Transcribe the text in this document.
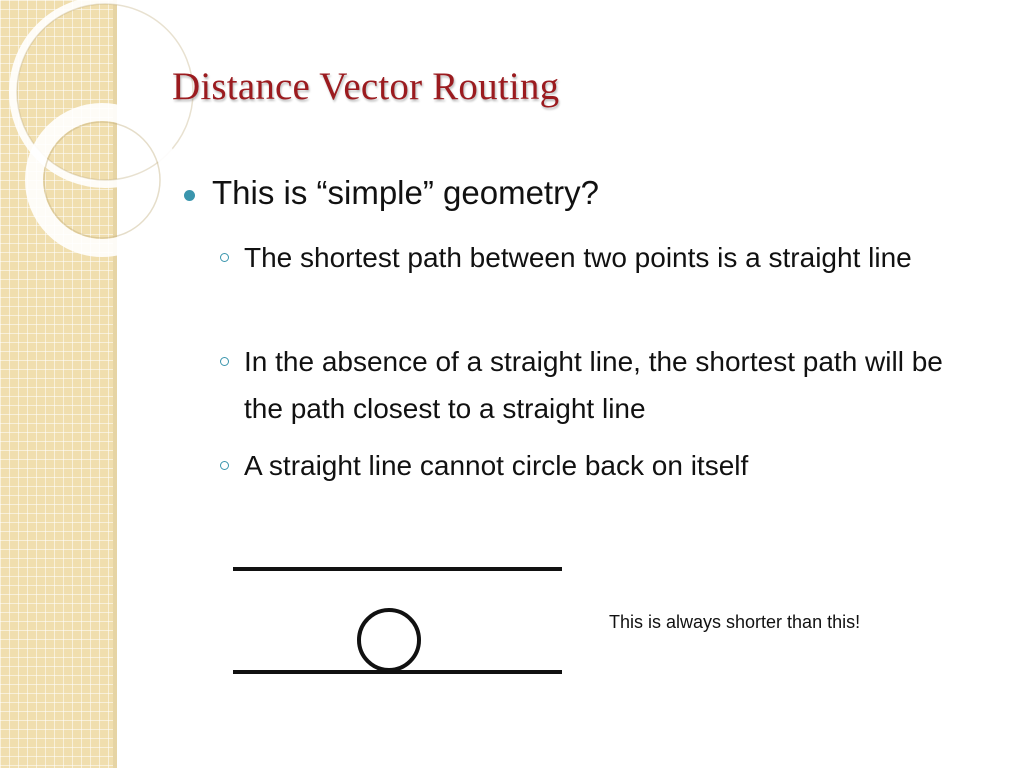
Distance Vector Routing
This is “simple” geometry?
The shortest path between two points is a straight line
In the absence of a straight line, the shortest path will be the path closest to a straight line
A straight line cannot circle back on itself
This is always shorter than this!
